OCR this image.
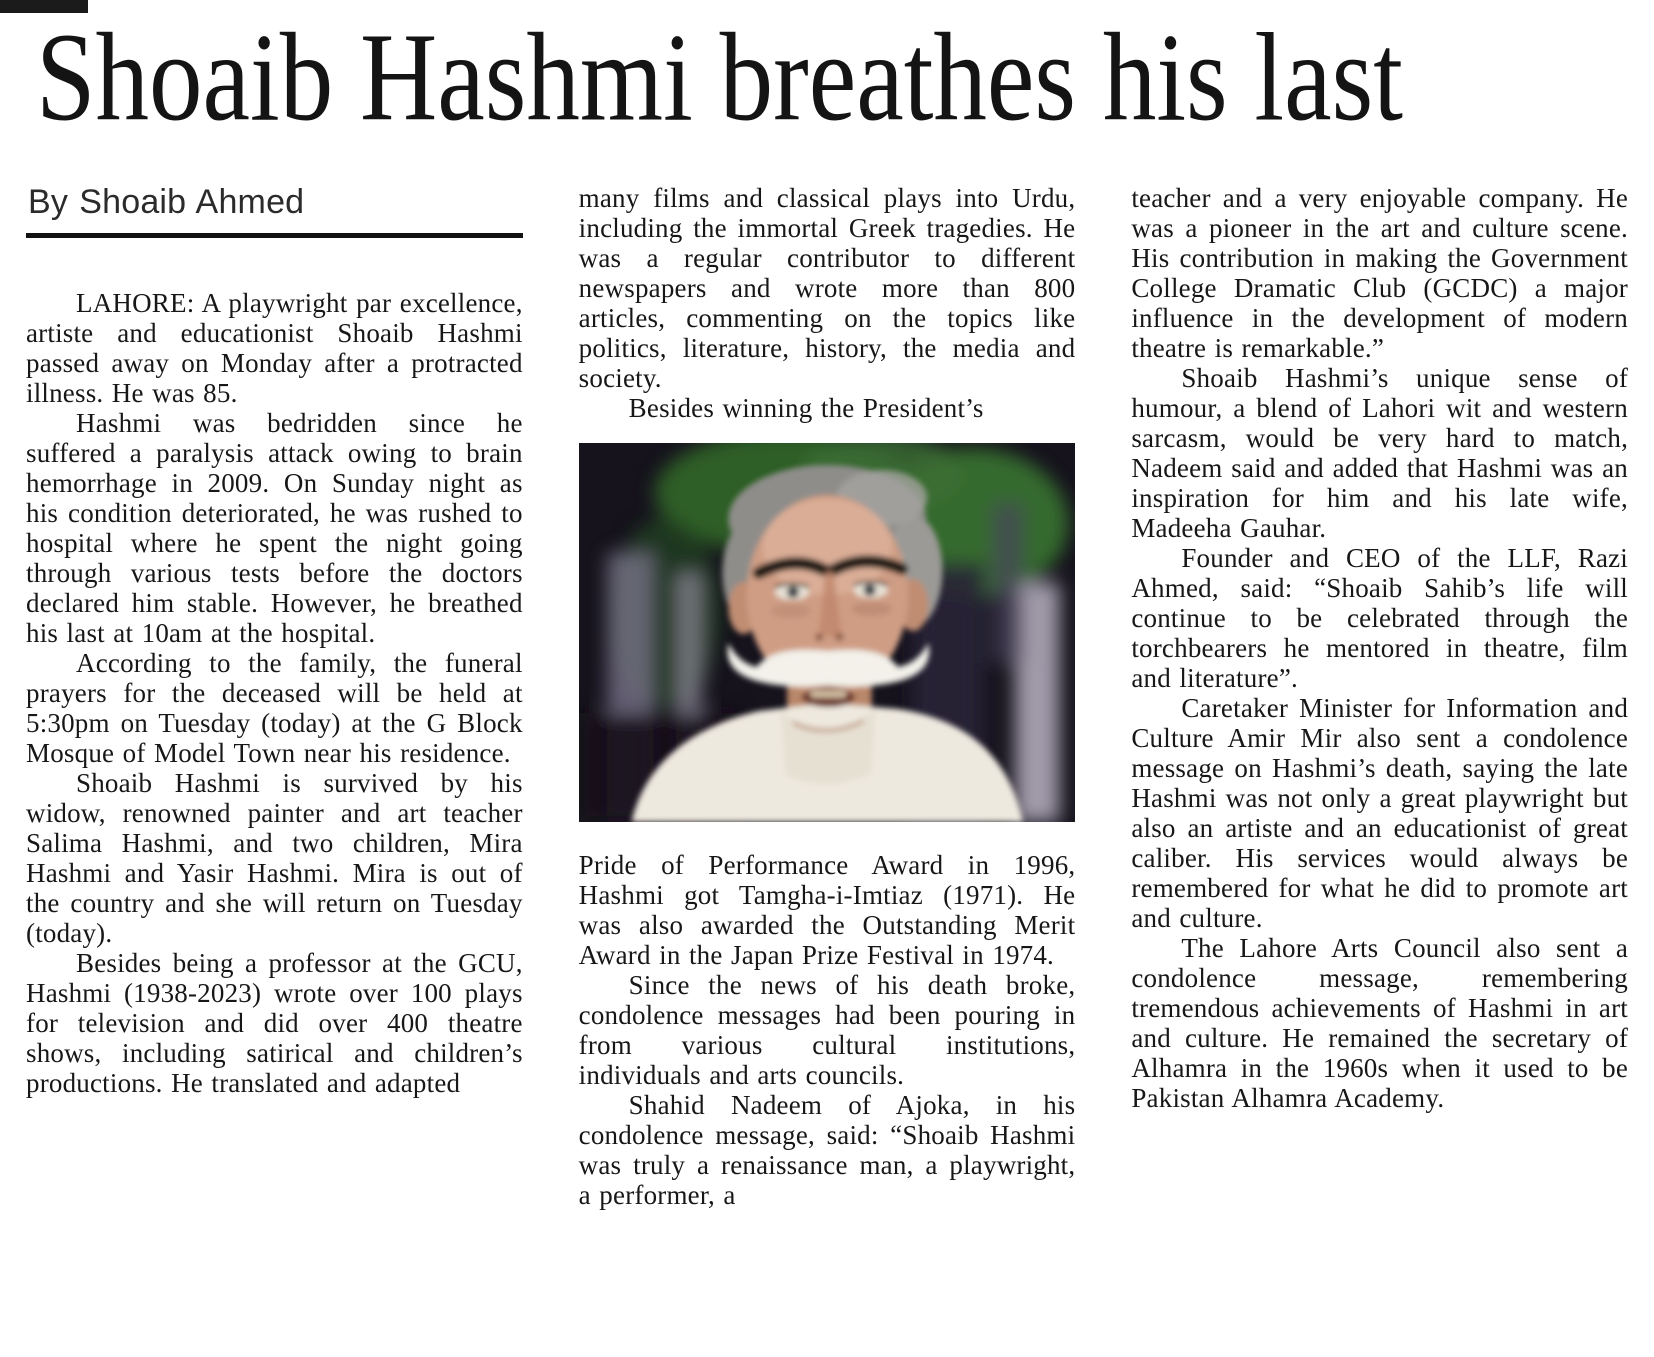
Shoaib Hashmi breathes his last
By Shoaib Ahmed

LAHORE: A playwright par excellence, artiste and educationist Shoaib Hashmi passed away on Monday after a protracted illness. He was 85.

Hashmi was bedridden since he suffered a paralysis attack owing to brain hemorrhage in 2009. On Sunday night as his condition deteriorated, he was rushed to hospital where he spent the night going through various tests before the doctors declared him stable. However, he breathed his last at 10am at the hospital.

According to the family, the funeral prayers for the deceased will be held at 5:30pm on Tuesday (today) at the G Block Mosque of Model Town near his residence.

Shoaib Hashmi is survived by his widow, renowned painter and art teacher Salima Hashmi, and two children, Mira Hashmi and Yasir Hashmi. Mira is out of the country and she will return on Tuesday (today).

Besides being a professor at the GCU, Hashmi (1938-2023) wrote over 100 plays for television and did over 400 theatre shows, including satirical and children’s productions. He translated and adapted

many films and classical plays into Urdu, including the immortal Greek tragedies. He was a regular contributor to different newspapers and wrote more than 800 articles, commenting on the topics like politics, literature, history, the media and society.

Besides winning the President’s

Pride of Performance Award in 1996, Hashmi got Tamgha-i-Imtiaz (1971). He was also awarded the Outstanding Merit Award in the Japan Prize Festival in 1974.

Since the news of his death broke, condolence messages had been pouring in from various cultural institutions, individuals and arts councils.

Shahid Nadeem of Ajoka, in his condolence message, said: “Shoaib Hashmi was truly a renaissance man, a playwright, a performer, a

teacher and a very enjoyable company. He was a pioneer in the art and culture scene. His contribution in making the Government College Dramatic Club (GCDC) a major influence in the development of modern theatre is remarkable.”

Shoaib Hashmi’s unique sense of humour, a blend of Lahori wit and western sarcasm, would be very hard to match, Nadeem said and added that Hashmi was an inspiration for him and his late wife, Madeeha Gauhar.

Founder and CEO of the LLF, Razi Ahmed, said: “Shoaib Sahib’s life will continue to be celebrated through the torchbearers he mentored in theatre, film and literature”.

Caretaker Minister for Information and Culture Amir Mir also sent a condolence message on Hashmi’s death, saying the late Hashmi was not only a great playwright but also an artiste and an educationist of great caliber. His services would always be remembered for what he did to promote art and culture.

The Lahore Arts Council also sent a condolence message, remembering tremendous achievements of Hashmi in art and culture. He remained the secretary of Alhamra in the 1960s when it used to be Pakistan Alhamra Academy.
